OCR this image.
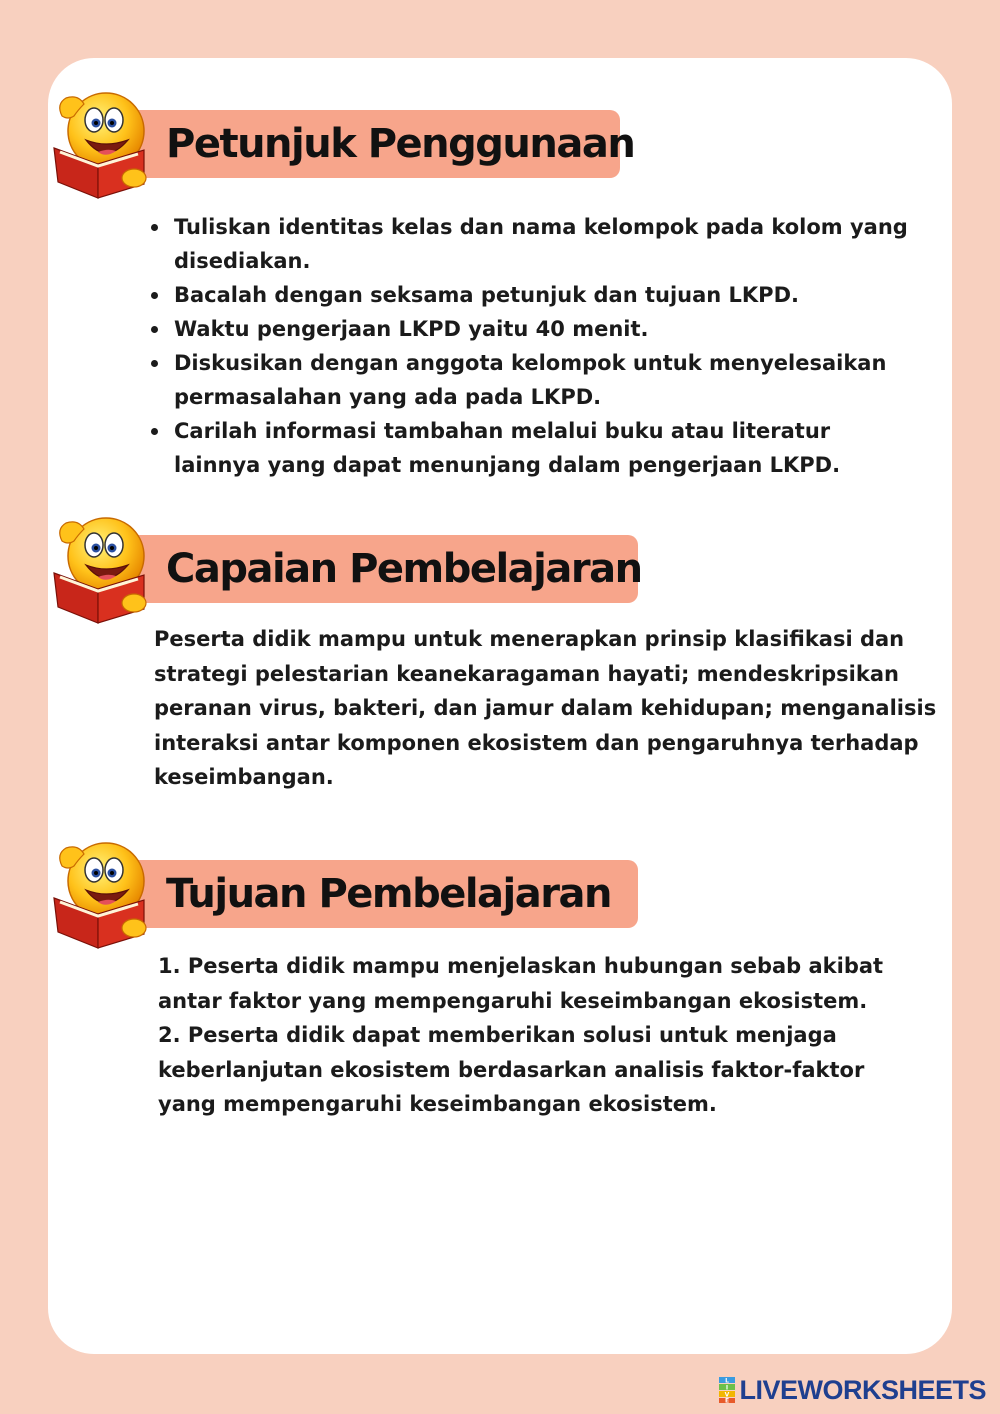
Petunjuk Penggunaan
Tuliskan identitas kelas dan nama kelompok pada kolom yang disediakan.
Bacalah dengan seksama petunjuk dan tujuan LKPD.
Waktu pengerjaan LKPD yaitu 40 menit.
Diskusikan dengan anggota kelompok untuk menyelesaikan permasalahan yang ada pada LKPD.
Carilah informasi tambahan melalui buku atau literatur lainnya yang dapat menunjang dalam pengerjaan LKPD.
Capaian Pembelajaran
Peserta didik mampu untuk menerapkan prinsip klasifikasi dan
strategi pelestarian keanekaragaman hayati; mendeskripsikan
peranan virus, bakteri, dan jamur dalam kehidupan; menganalisis
interaksi antar komponen ekosistem dan pengaruhnya terhadap
keseimbangan.
Tujuan Pembelajaran
1. Peserta didik mampu menjelaskan hubungan sebab akibat
antar faktor yang mempengaruhi keseimbangan ekosistem.
2. Peserta didik dapat memberikan solusi untuk menjaga
keberlanjutan ekosistem berdasarkan analisis faktor-faktor
yang mempengaruhi keseimbangan ekosistem.
L
I
V
E LIVEWORKSHEETS
